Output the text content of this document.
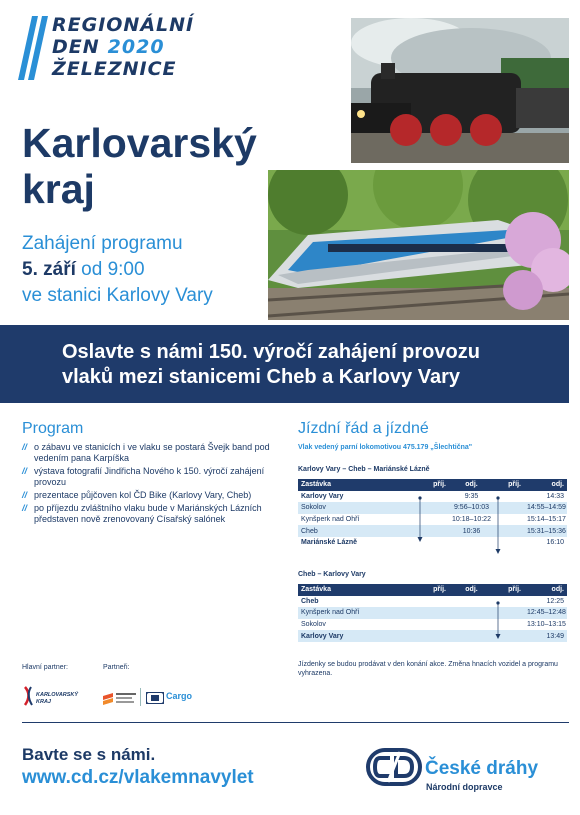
REGIONÁLNÍ
DEN 2020
ŽELEZNICE
Karlovarský
kraj
Zahájení programu
5. září od 9:00
ve stanici Karlovy Vary
Oslavte s námi 150. výročí zahájení provozu
vlaků mezi stanicemi Cheb a Karlovy Vary
Program
// o zábavu ve stanicích i ve vlaku se postará Švejk band pod vedením pana Karpíška
// výstava fotografií Jindřicha Nového k 150. výročí zahájení provozu
// prezentace půjčoven kol ČD Bike (Karlovy Vary, Cheb)
// po příjezdu zvláštního vlaku bude v Mariánských Lázních představen nově zrenovovaný Císařský salónek
Jízdní řád a jízdné
Vlak vedený parní lokomotivou 475.179 „Šlechtična"
Karlovy Vary – Cheb – Mariánské Lázně
Zastávka	příj.	odj.	příj.	odj.
Karlovy Vary		9:35		14:33
Sokolov		9:56–10:03		14:55–14:59
Kynšperk nad Ohří		10:18–10:22		15:14–15:17
Cheb		10:36		15:31–15:36
Mariánské Lázně				16:10
Cheb – Karlovy Vary
Zastávka	příj.	odj.	příj.	odj.
Cheb				12:25
Kynšperk nad Ohří				12:45–12:48
Sokolov				13:10–13:15
Karlovy Vary				13:49
Jízdenky se budou prodávat v den konání akce. Změna hnacích vozidel a programu vyhrazena.
Hlavní partner:	Partneři:
KARLOVARSKÝ KRAJ
Cargo
Bavte se s námi.
www.cd.cz/vlakemnavylet	České dráhy
Národní dopravce
